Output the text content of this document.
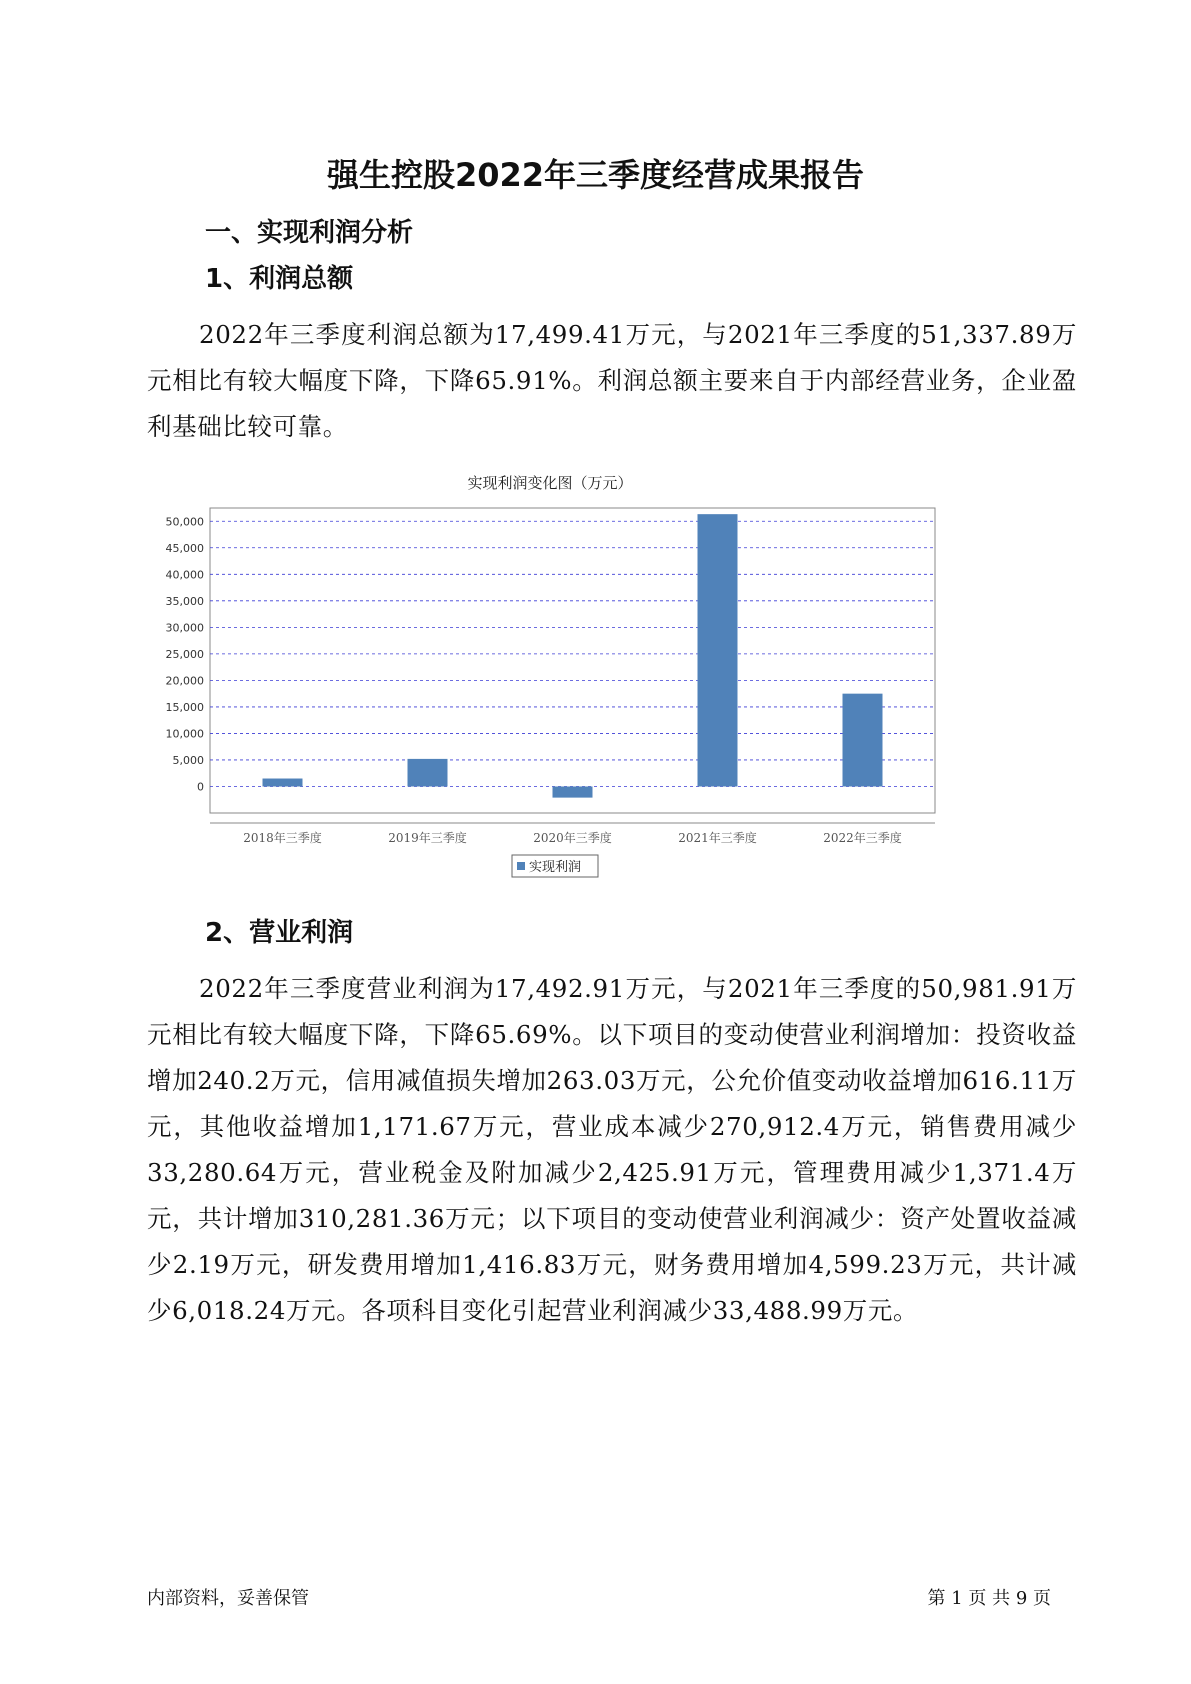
强生控股2022年三季度经营成果报告
一、实现利润分析
1、利润总额
2022年三季度利润总额为17,499.41万元，与2021年三季度的51,337.89万元相比有较大幅度下降，下降65.91%。利润总额主要来自于内部经营业务，企业盈利基础比较可靠。
实现利润变化图（万元）
0
5,000
10,000
15,000
20,000
25,000
30,000
35,000
40,000
45,000
50,000
2018年三季度	2019年三季度	2020年三季度	2021年三季度	2022年三季度
实现利润
2、营业利润
2022年三季度营业利润为17,492.91万元，与2021年三季度的50,981.91万元相比有较大幅度下降，下降65.69%。以下项目的变动使营业利润增加：投资收益增加240.2万元，信用减值损失增加263.03万元，公允价值变动收益增加616.11万元，其他收益增加1,171.67万元，营业成本减少270,912.4万元，销售费用减少33,280.64万元，营业税金及附加减少2,425.91万元，管理费用减少1,371.4万元，共计增加310,281.36万元；以下项目的变动使营业利润减少：资产处置收益减少2.19万元，研发费用增加1,416.83万元，财务费用增加4,599.23万元，共计减少6,018.24万元。各项科目变化引起营业利润减少33,488.99万元。
内部资料，妥善保管	第 1 页 共 9 页
